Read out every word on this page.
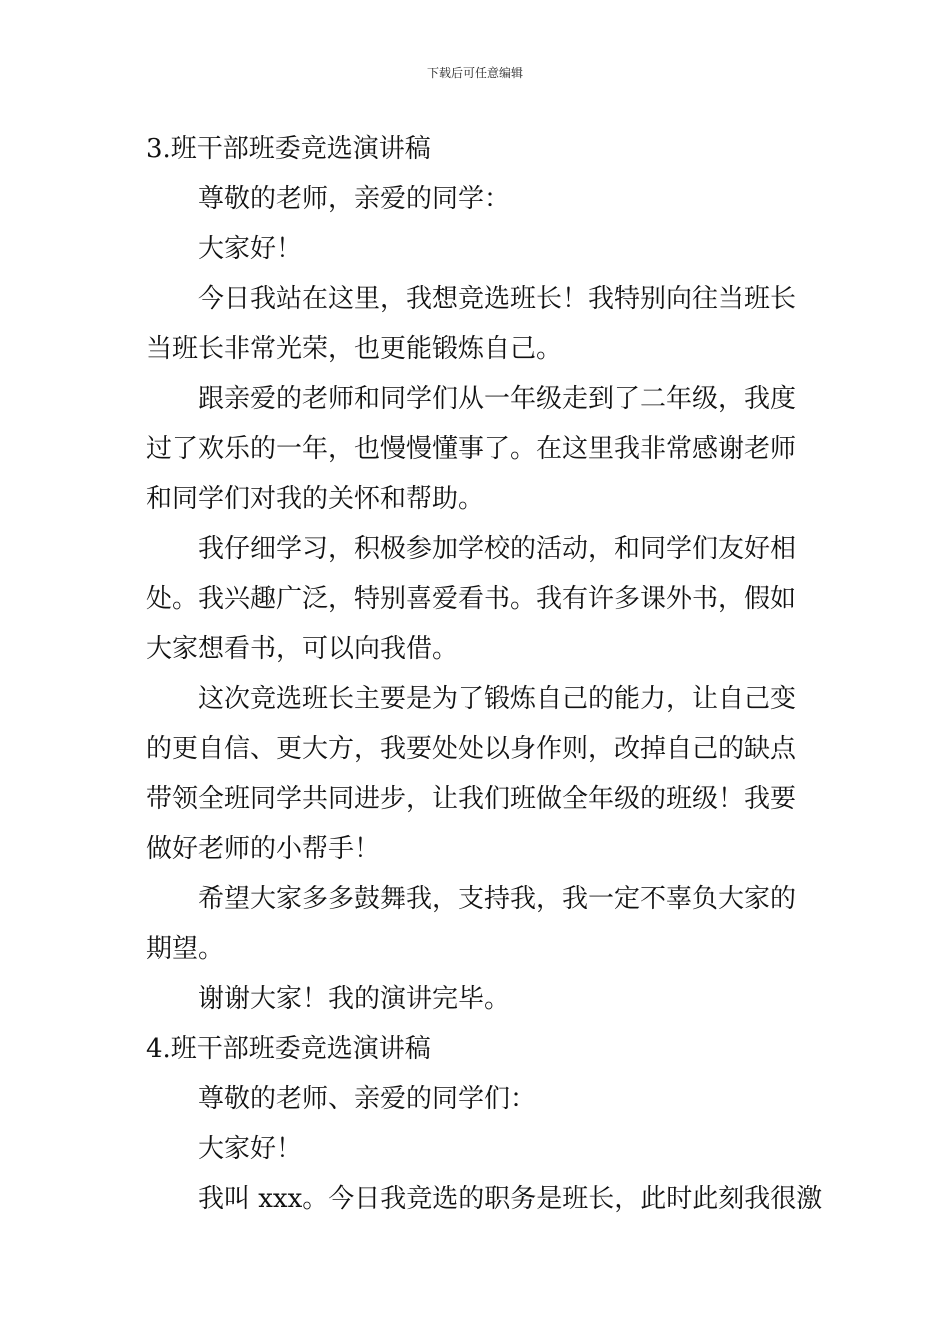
下载后可任意编辑

3.班干部班委竞选演讲稿

尊敬的老师，亲爱的同学：

大家好！

今日我站在这里，我想竞选班长！我特别向往当班长

当班长非常光荣，也更能锻炼自己。

跟亲爱的老师和同学们从一年级走到了二年级，我度

过了欢乐的一年，也慢慢懂事了。在这里我非常感谢老师

和同学们对我的关怀和帮助。

我仔细学习，积极参加学校的活动，和同学们友好相

处。我兴趣广泛，特别喜爱看书。我有许多课外书，假如

大家想看书，可以向我借。

这次竞选班长主要是为了锻炼自己的能力，让自己变

的更自信、更大方，我要处处以身作则，改掉自己的缺点

带领全班同学共同进步，让我们班做全年级的班级！我要

做好老师的小帮手！

希望大家多多鼓舞我，支持我，我一定不辜负大家的

期望。

谢谢大家！我的演讲完毕。

4.班干部班委竞选演讲稿

尊敬的老师、亲爱的同学们：

大家好！

我叫 xxx。今日我竞选的职务是班长，此时此刻我很激
